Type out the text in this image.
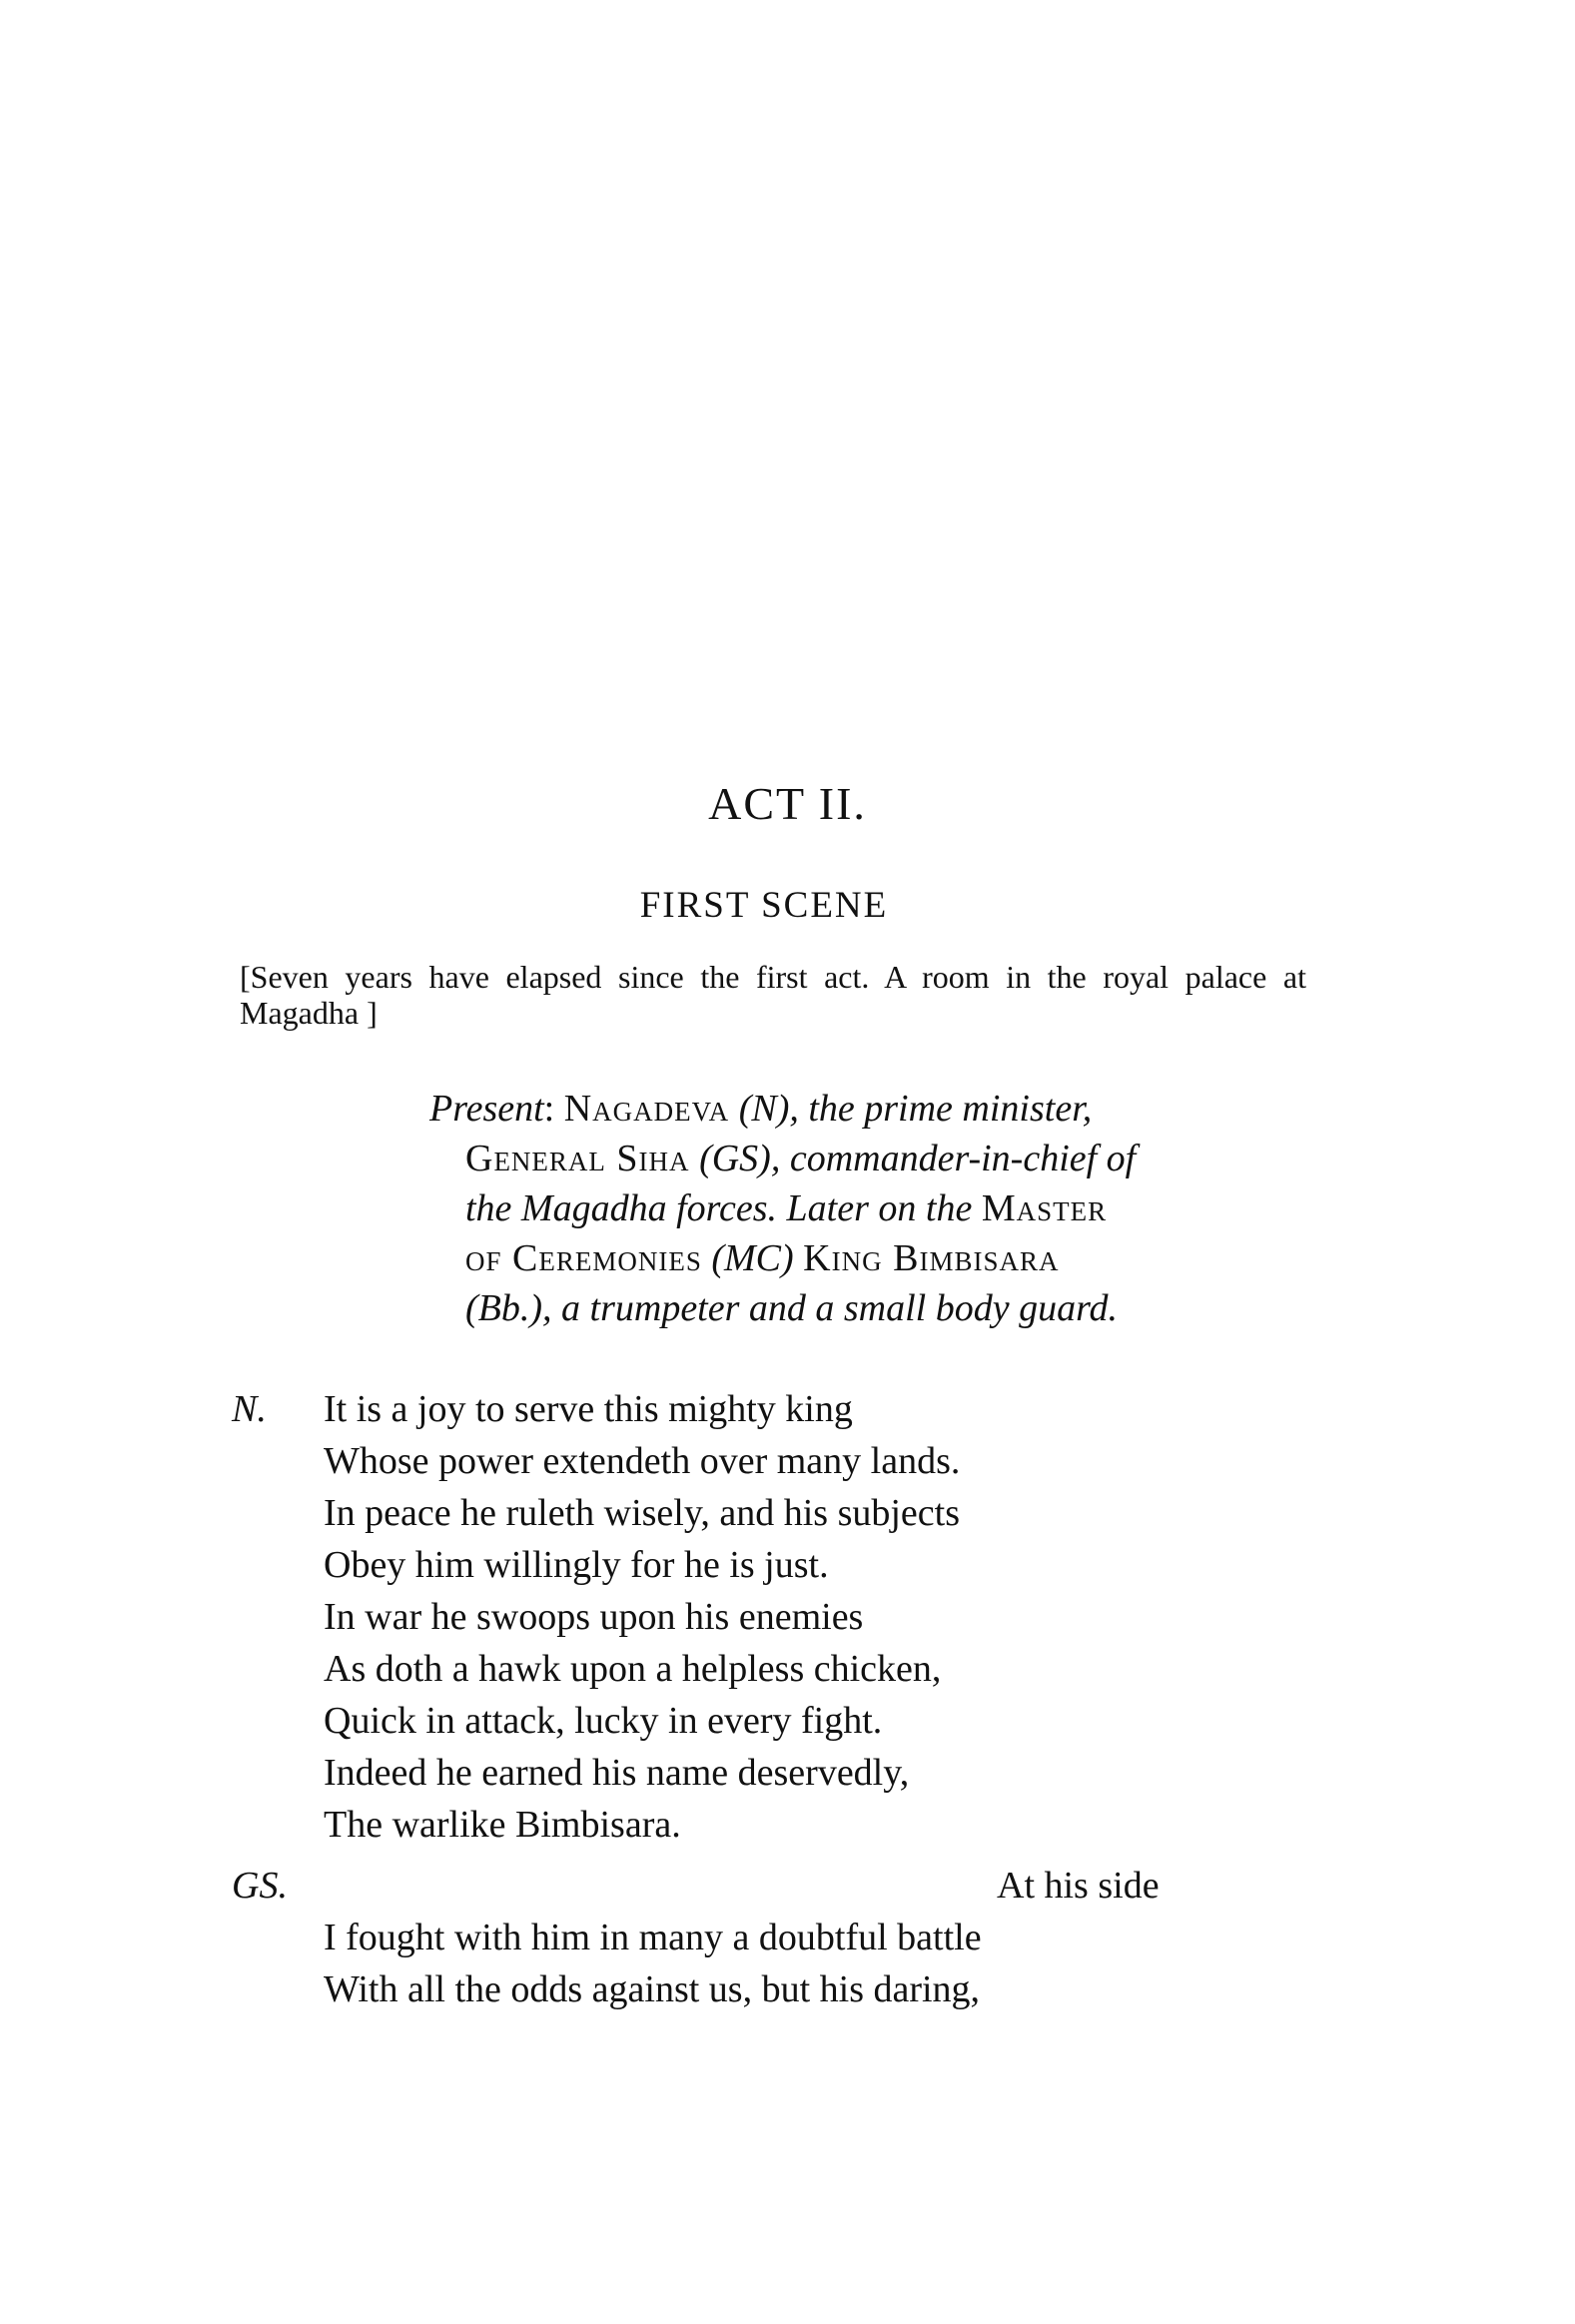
ACT II.
FIRST SCENE
[Seven years have elapsed since the first act. A room in the royal palace at Magadha ]
Present: Nagadeva (N), the prime minister,
General Siha (GS), commander-in-chief of
the Magadha forces. Later on the Master
of Ceremonies (MC) King Bimbisara
(Bb.), a trumpeter and a small body guard.
N. It is a joy to serve this mighty king
Whose power extendeth over many lands.
In peace he ruleth wisely, and his subjects
Obey him willingly for he is just.
In war he swoops upon his enemies
As doth a hawk upon a helpless chicken,
Quick in attack, lucky in every fight.
Indeed he earned his name deservedly,
The warlike Bimbisara.
GS.	At his side
I fought with him in many a doubtful battle
With all the odds against us, but his daring,
